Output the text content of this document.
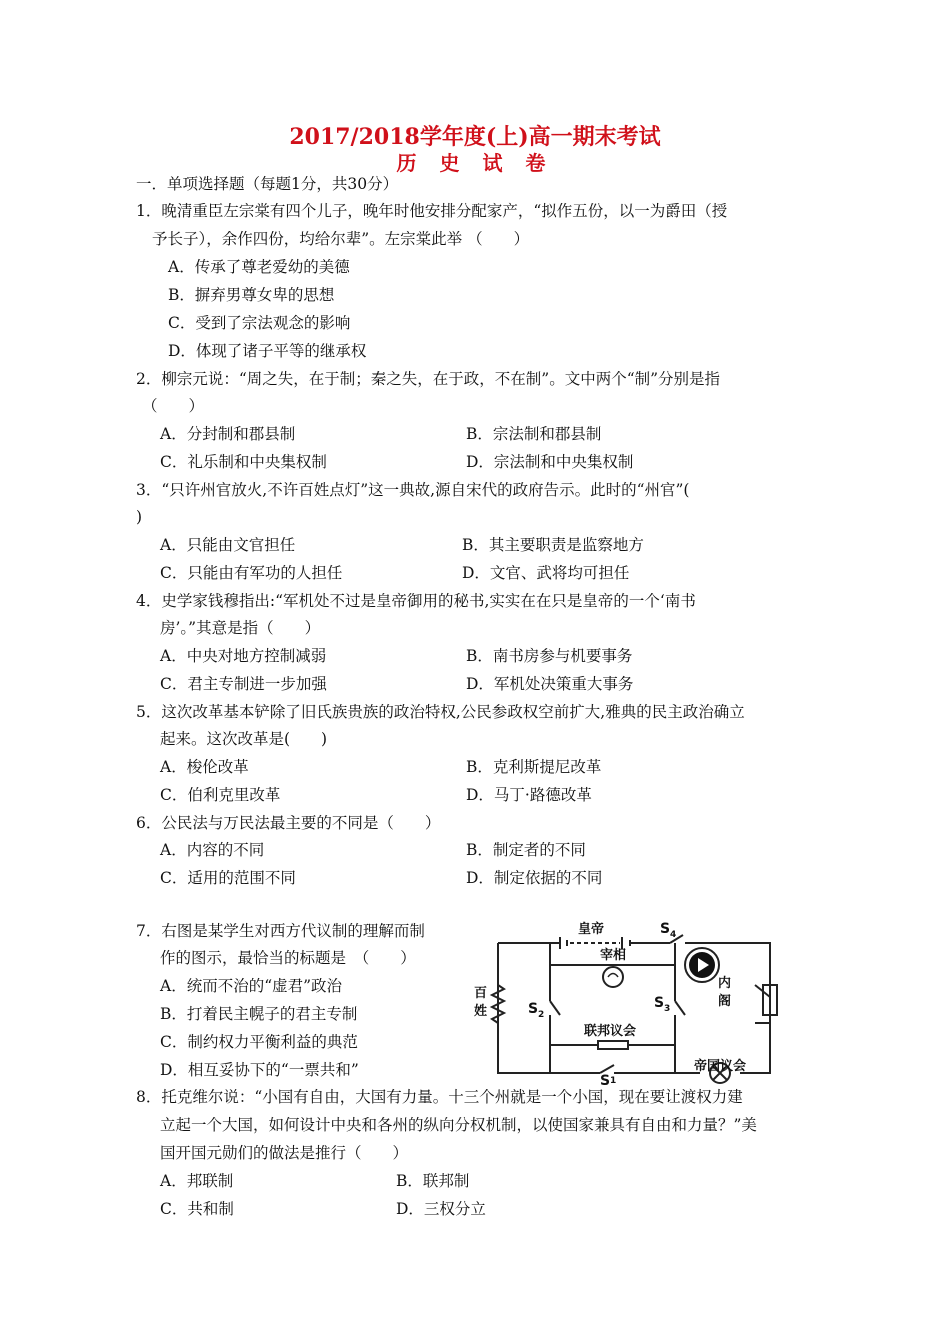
2017/2018学年度(上)高一期末考试
历 史 试 卷
一．单项选择题（每题1分，共30分）
1．晚清重臣左宗棠有四个儿子，晚年时他安排分配家产，“拟作五份，以一为爵田（授
予长子），余作四份，均给尔辈”。左宗棠此举 （　　）
A．传承了尊老爱幼的美德
B．摒弃男尊女卑的思想
C．受到了宗法观念的影响
D．体现了诸子平等的继承权
2．柳宗元说：“周之失，在于制；秦之失，在于政，不在制”。文中两个“制”分别是指
（　　）
A．分封制和郡县制	B．宗法制和郡县制
C．礼乐制和中央集权制	D．宗法制和中央集权制
3．“只许州官放火,不许百姓点灯”这一典故,源自宋代的政府告示。此时的“州官”(
)
A．只能由文官担任	B．其主要职责是监察地方
C．只能由有军功的人担任	D．文官、武将均可担任
4．史学家钱穆指出:“军机处不过是皇帝御用的秘书,实实在在只是皇帝的一个‘南书
房’。”其意是指（　　）
A．中央对地方控制减弱	B．南书房参与机要事务
C．君主专制进一步加强	D．军机处决策重大事务
5．这次改革基本铲除了旧氏族贵族的政治特权,公民参政权空前扩大,雅典的民主政治确立
起来。这次改革是(　　)
A．梭伦改革	B．克利斯提尼改革
C．伯利克里改革	D．马丁·路德改革
6．公民法与万民法最主要的不同是（　　）
A．内容的不同	B．制定者的不同
C．适用的范围不同	D．制定依据的不同
7．右图是某学生对西方代议制的理解而制
作的图示，最恰当的标题是　（　　）
A．统而不治的“虚君”政治
B．打着民主幌子的君主专制
C．制约权力平衡利益的典范
D．相互妥协下的“一票共和”
皇帝	S 4
宰相
百
姓
内
阁
S 2
S 3
联邦议会
帝国议会
S 1
8．托克维尔说：“小国有自由，大国有力量。十三个州就是一个小国，现在要让渡权力建
立起一个大国，如何设计中央和各州的纵向分权机制，以使国家兼具有自由和力量？”美
国开国元勋们的做法是推行（　　）
A．邦联制	B．联邦制
C．共和制	D．三权分立
